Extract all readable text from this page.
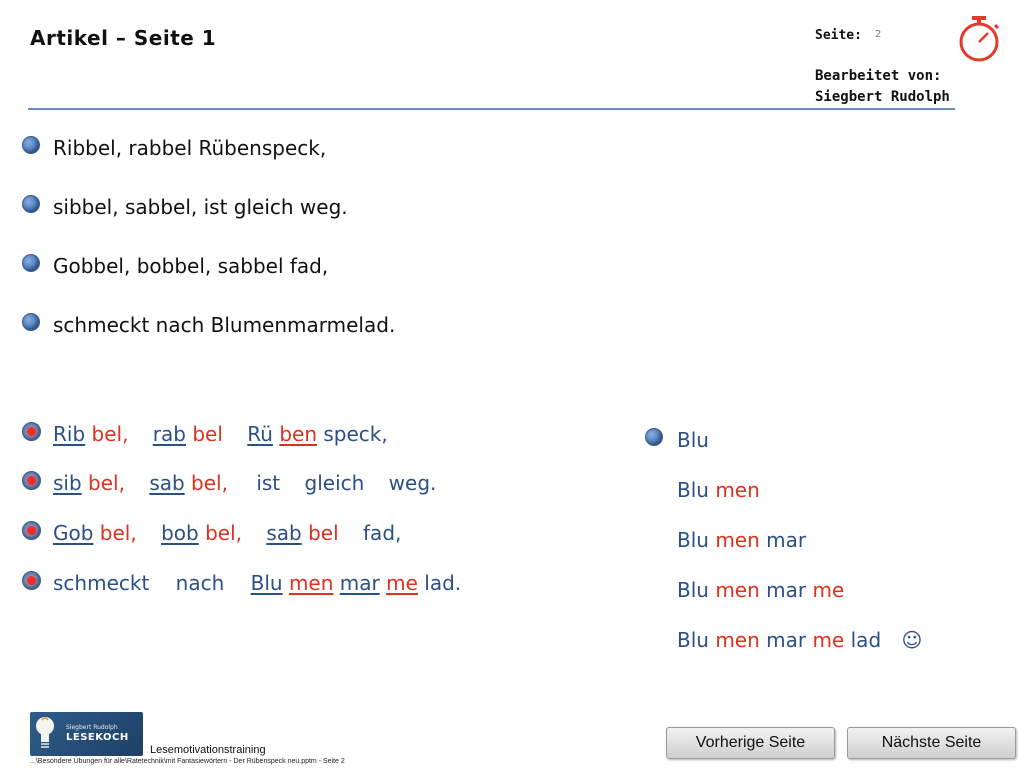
Artikel – Seite 1	Seite: 2
Bearbeitet von:
Siegbert Rudolph
Ribbel, rabbel Rübenspeck,
sibbel, sabbel, ist gleich weg.
Gobbel, bobbel, sabbel fad,
schmeckt nach Blumenmarmelad.
Rib bel, rab bel Rü ben speck,
sib bel, sab bel, ist gleich weg.
Gob bel, bob bel, sab bel fad,
schmeckt nach Blu men mar me lad.
Blu
Blu men
Blu men mar
Blu men mar me
Blu men mar me lad ☺
Siegbert Rudolph
LESEKOCH
Lesemotivationstraining
...\Besondere Übungen für alle\Ratetechnik\mit Fantasiewörtern - Der Rübenspeck neu.pptm - Seite 2
Vorherige Seite	Nächste Seite
